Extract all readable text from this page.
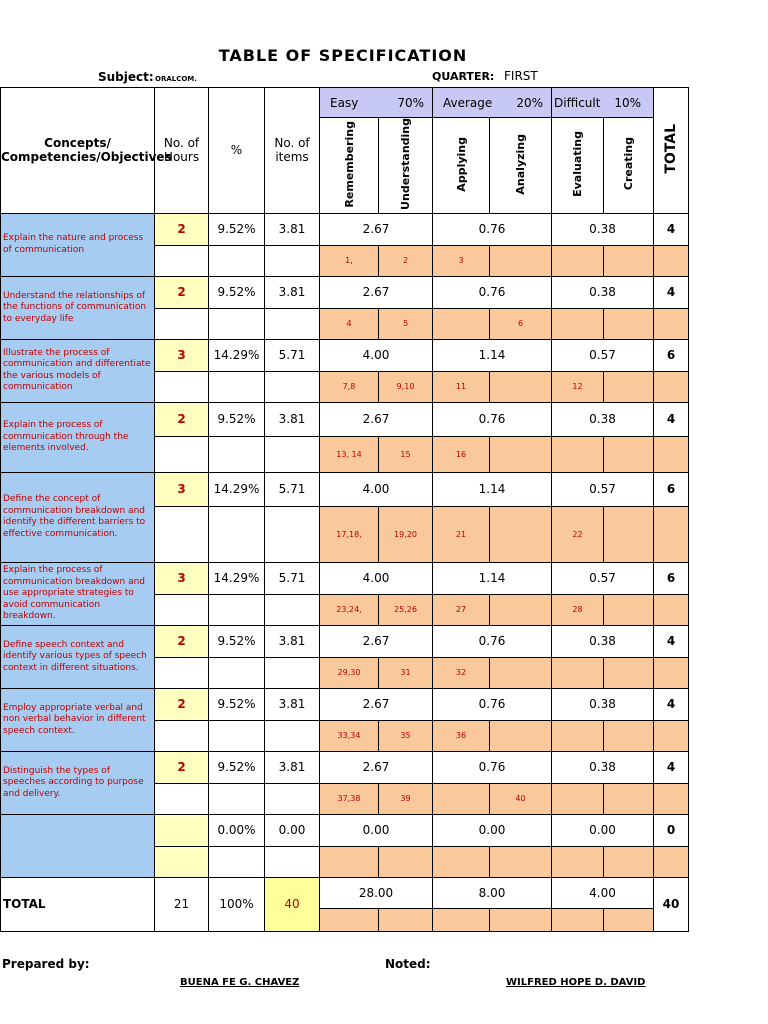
TABLE OF SPECIFICATION
Subject: ORALCOM.	QUARTER: FIRST
Concepts/ Competencies/Objectives	No. of Hours	%	No. of items	Easy 70%		Average 20%		Difficult 10%		TOTAL
				Remembering	Understanding	Applying	Analyzing	Evaluating	Creating	
Explain the nature and process of communication	2	9.52%	3.81	2.67		0.76		0.38		4
				1,	2	3				
Understand the relationships of the functions of communication to everyday life	2	9.52%	3.81	2.67		0.76		0.38		4
				4	5		6			
Illustrate the process of communication and differentiate the various models of communication	3	14.29%	5.71	4.00		1.14		0.57		6
				7,8	9,10	11		12		
Explain the process of communication through the elements involved.	2	9.52%	3.81	2.67		0.76		0.38		4
				13, 14	15	16				
Define the concept of communication breakdown and identify the different barriers to effective communication.	3	14.29%	5.71	4.00		1.14		0.57		6
				17,18,	19,20	21		22		
Explain the process of communication breakdown and use appropriate strategies to avoid communication breakdown.	3	14.29%	5.71	4.00		1.14		0.57		6
				23,24,	25,26	27		28		
Define speech context and identify various types of speech context in different situations.	2	9.52%	3.81	2.67		0.76		0.38		4
				29,30	31	32				
Employ appropriate verbal and non verbal behavior in different speech context.	2	9.52%	3.81	2.67		0.76		0.38		4
				33,34	35	36				
Distinguish the types of speeches according to purpose and delivery.	2	9.52%	3.81	2.67		0.76		0.38		4
				37,38	39		40			
		0.00%	0.00	0.00		0.00		0.00		0

TOTAL	21	100%	40	28.00		8.00		4.00		40

Prepared by:
BUENA FE G. CHAVEZ
Noted:
WILFRED HOPE D. DAVID
